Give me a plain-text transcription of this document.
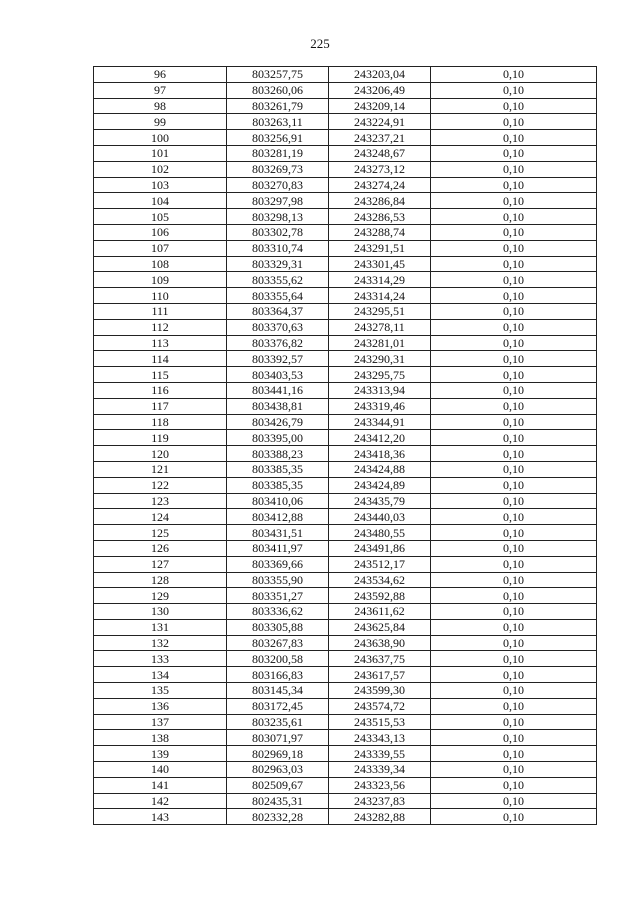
225
96	803257,75	243203,04	0,10
97	803260,06	243206,49	0,10
98	803261,79	243209,14	0,10
99	803263,11	243224,91	0,10
100	803256,91	243237,21	0,10
101	803281,19	243248,67	0,10
102	803269,73	243273,12	0,10
103	803270,83	243274,24	0,10
104	803297,98	243286,84	0,10
105	803298,13	243286,53	0,10
106	803302,78	243288,74	0,10
107	803310,74	243291,51	0,10
108	803329,31	243301,45	0,10
109	803355,62	243314,29	0,10
110	803355,64	243314,24	0,10
111	803364,37	243295,51	0,10
112	803370,63	243278,11	0,10
113	803376,82	243281,01	0,10
114	803392,57	243290,31	0,10
115	803403,53	243295,75	0,10
116	803441,16	243313,94	0,10
117	803438,81	243319,46	0,10
118	803426,79	243344,91	0,10
119	803395,00	243412,20	0,10
120	803388,23	243418,36	0,10
121	803385,35	243424,88	0,10
122	803385,35	243424,89	0,10
123	803410,06	243435,79	0,10
124	803412,88	243440,03	0,10
125	803431,51	243480,55	0,10
126	803411,97	243491,86	0,10
127	803369,66	243512,17	0,10
128	803355,90	243534,62	0,10
129	803351,27	243592,88	0,10
130	803336,62	243611,62	0,10
131	803305,88	243625,84	0,10
132	803267,83	243638,90	0,10
133	803200,58	243637,75	0,10
134	803166,83	243617,57	0,10
135	803145,34	243599,30	0,10
136	803172,45	243574,72	0,10
137	803235,61	243515,53	0,10
138	803071,97	243343,13	0,10
139	802969,18	243339,55	0,10
140	802963,03	243339,34	0,10
141	802509,67	243323,56	0,10
142	802435,31	243237,83	0,10
143	802332,28	243282,88	0,10
